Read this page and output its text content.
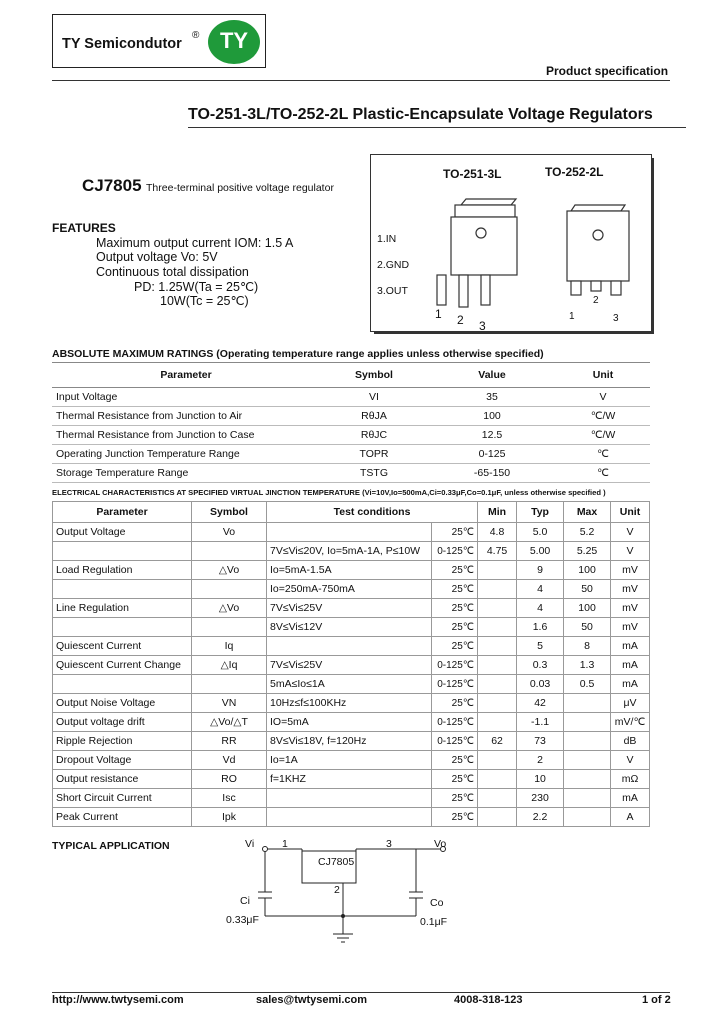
TY Semicondutor
® TY
Product specification
TO-251-3L/TO-252-2L Plastic-Encapsulate Voltage Regulators
CJ7805 Three-terminal positive voltage regulator
FEATURES
Maximum output current IOM: 1.5 A
Output voltage Vo: 5V
Continuous total dissipation
PD: 1.25W(Ta = 25℃)
10W(Tc = 25℃)
TO-251-3L	TO-252-2L
1.IN
2.GND
3.OUT
1 2 3
1
2
3
ABSOLUTE MAXIMUM RATINGS (Operating temperature range applies unless otherwise specified)
Parameter	Symbol	Value	Unit
Input Voltage	VI	35	V
Thermal Resistance from Junction to Air	RθJA	100	℃/W
Thermal Resistance from Junction to Case	RθJC	12.5	℃/W
Operating Junction Temperature Range	TOPR	0-125	℃
Storage Temperature Range	TSTG	-65-150	℃
ELECTRICAL CHARACTERISTICS AT SPECIFIED VIRTUAL JINCTION TEMPERATURE (Vi=10V,Io=500mA,Ci=0.33μF,Co=0.1μF, unless otherwise specified )
Parameter	Symbol	Test conditions		Min	Typ	Max	Unit
Output Voltage	Vo		25℃	4.8	5.0	5.2	V
		7V≤Vi≤20V, Io=5mA-1A, P≤10W	0-125℃	4.75	5.00	5.25	V
Load Regulation	△Vo	Io=5mA-1.5A	25℃		9	100	mV
		Io=250mA-750mA	25℃		4	50	mV
Line Regulation	△Vo	7V≤Vi≤25V	25℃		4	100	mV
		8V≤Vi≤12V	25℃		1.6	50	mV
Quiescent Current	Iq		25℃		5	8	mA
Quiescent Current Change	△Iq	7V≤Vi≤25V	0-125℃		0.3	1.3	mA
		5mA≤Io≤1A	0-125℃		0.03	0.5	mA
Output Noise Voltage	VN	10Hz≤f≤100KHz	25℃		42		μV
Output voltage drift	△Vo/△T	IO=5mA	0-125℃		-1.1		mV/℃
Ripple Rejection	RR	8V≤Vi≤18V, f=120Hz	0-125℃	62	73		dB
Dropout Voltage	Vd	Io=1A	25℃		2		V
Output resistance	RO	f=1KHZ	25℃		10		mΩ
Short Circuit Current	Isc		25℃		230		mA
Peak Current	Ipk		25℃		2.2		A
TYPICAL APPLICATION	Vi	1	3	Vo
CJ7805
2
Ci
0.33μF
Co
0.1μF
http://www.twtysemi.com	sales@twtysemi.com	4008-318-123	1 of 2
